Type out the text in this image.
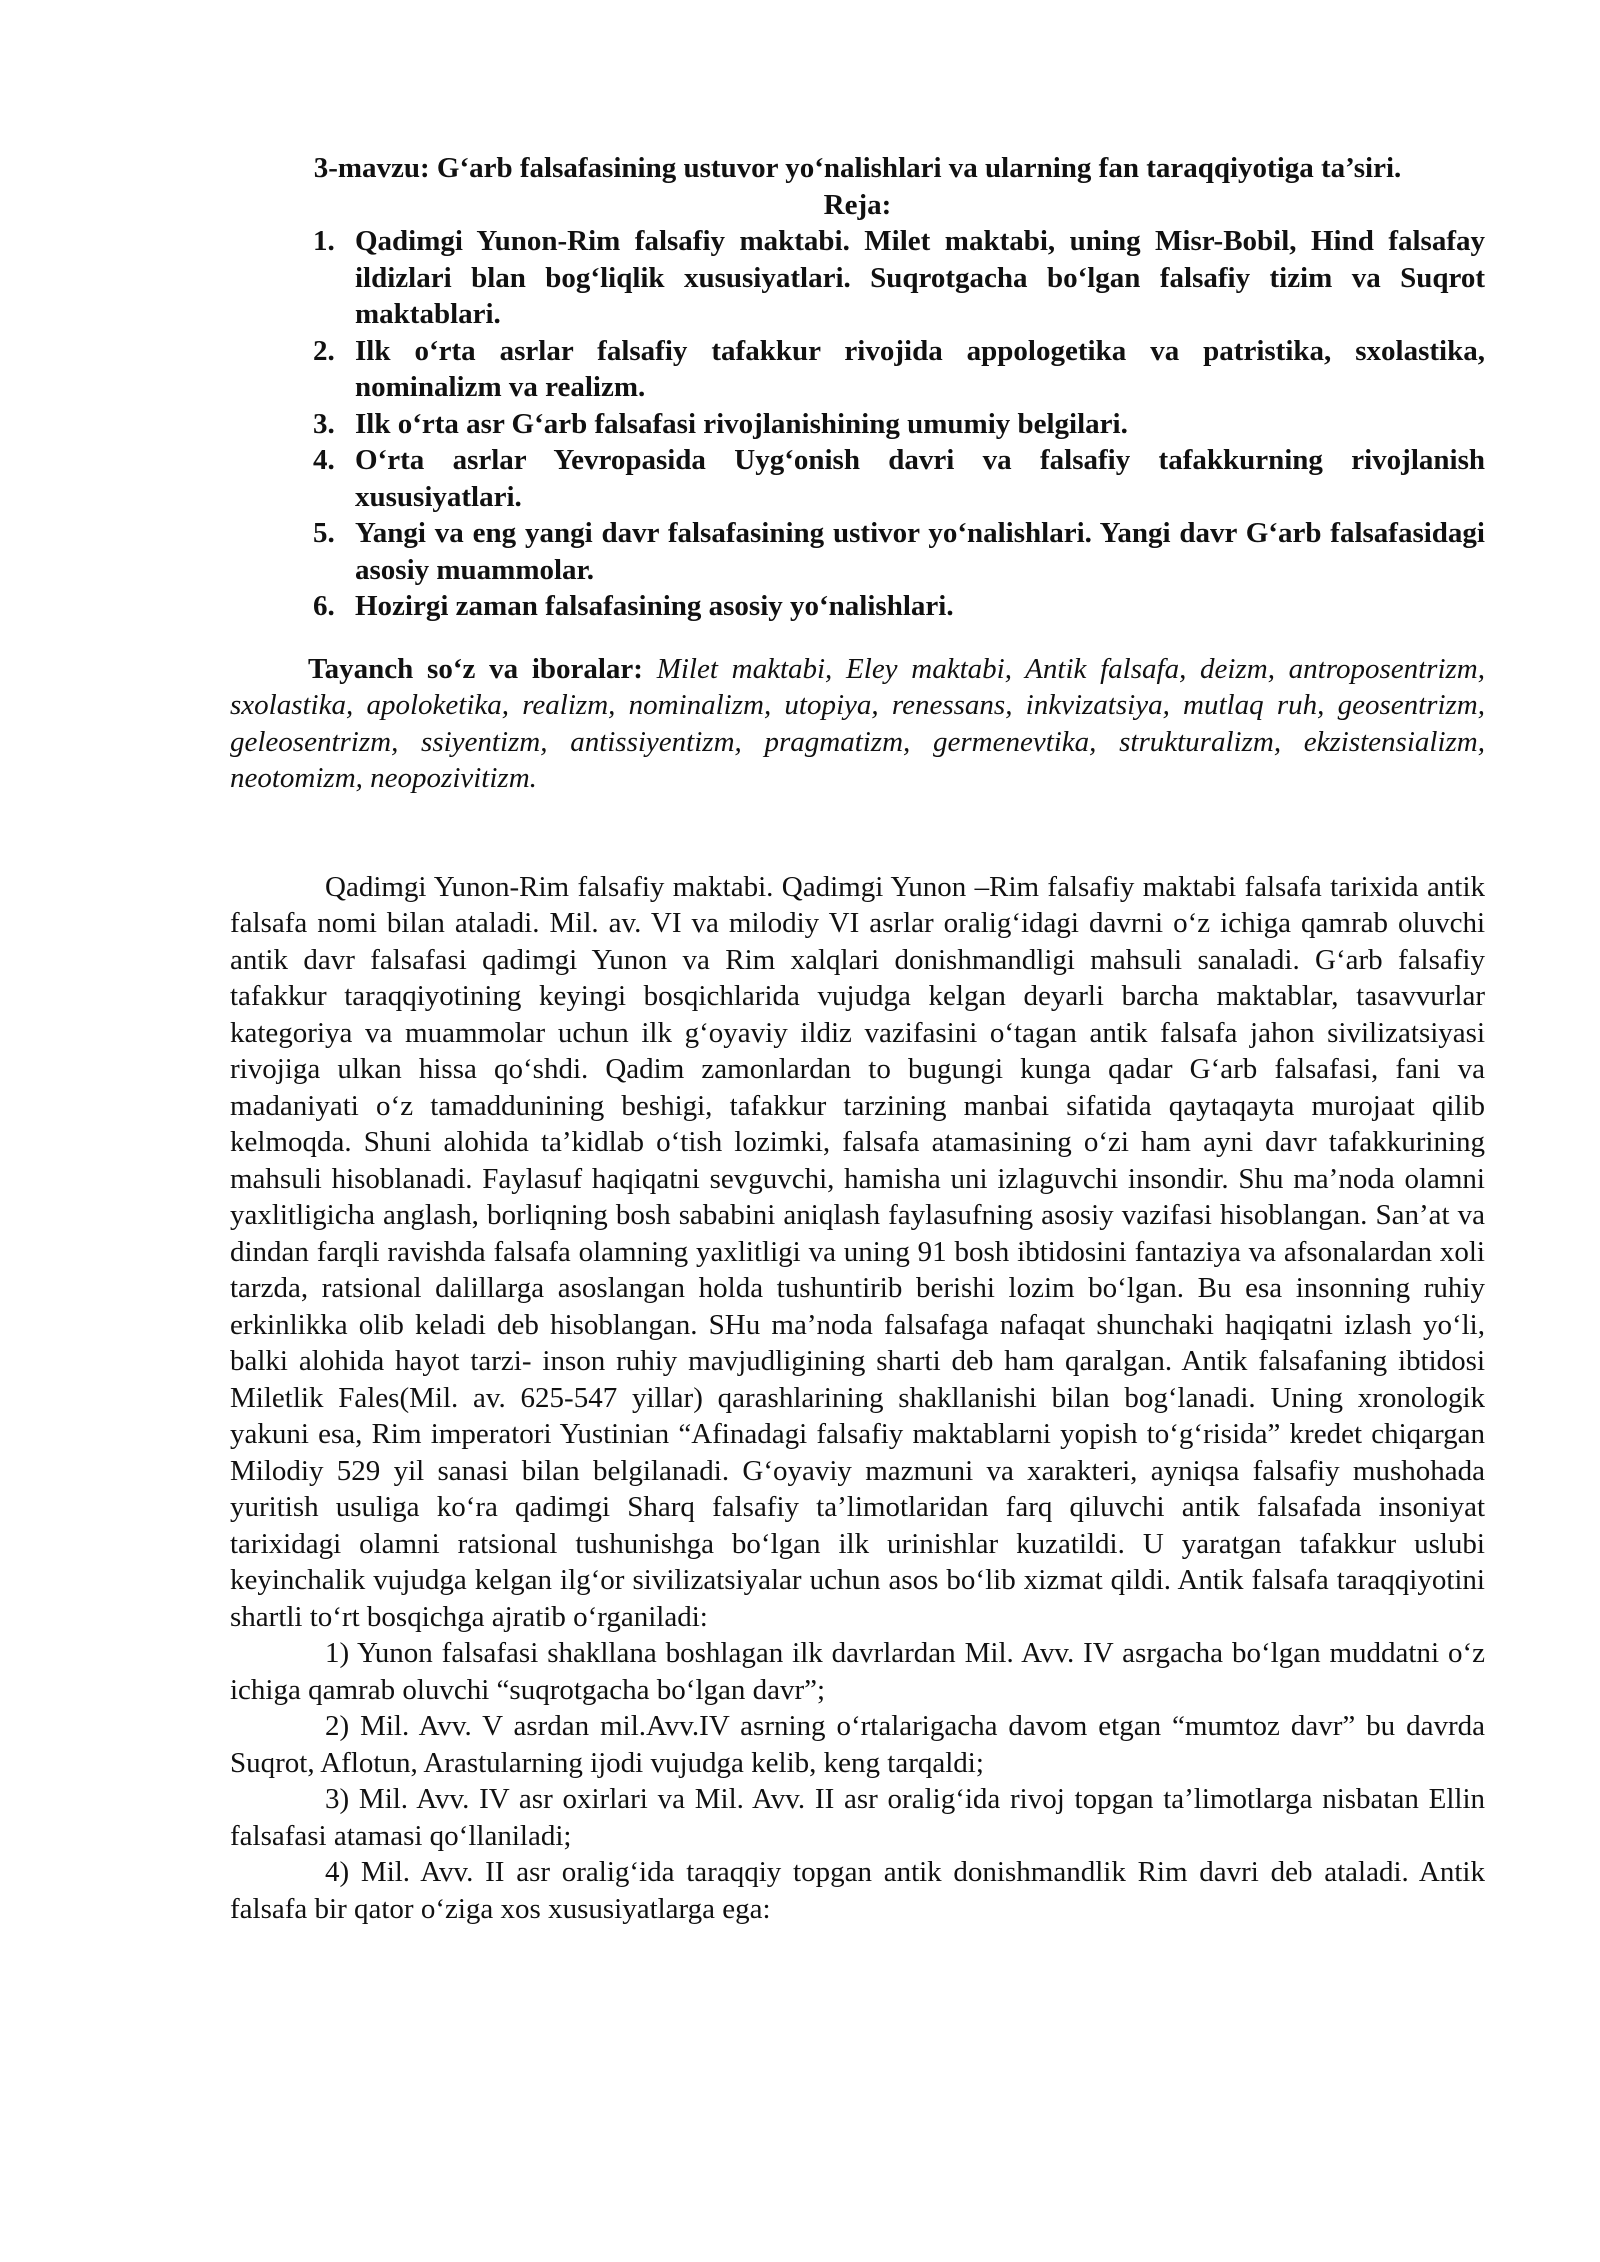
3-mavzu: G‘arb falsafasining ustuvor yo‘nalishlari va ularning fan taraqqiyotiga ta’siri.

Reja:

1. Qadimgi Yunon-Rim falsafiy maktabi. Milet maktabi, uning Misr-Bobil, Hind falsafay ildizlari blan bog‘liqlik xususiyatlari. Suqrotgacha bo‘lgan falsafiy tizim va Suqrot maktablari.
2. Ilk o‘rta asrlar falsafiy tafakkur rivojida appologetika va patristika, sxolastika, nominalizm va realizm.
3. Ilk o‘rta asr G‘arb falsafasi rivojlanishining umumiy belgilari.
4. O‘rta asrlar Yevropasida Uyg‘onish davri va falsafiy tafakkurning rivojlanish xususiyatlari.
5. Yangi va eng yangi davr falsafasining ustivor yo‘nalishlari. Yangi davr G‘arb falsafasidagi asosiy muammolar.
6. Hozirgi zaman falsafasining asosiy yo‘nalishlari.

Tayanch so‘z va iboralar: Milet maktabi, Eley maktabi, Antik falsafa, deizm, antroposentrizm, sxolastika, apoloketika, realizm, nominalizm, utopiya, renessans, inkvizatsiya, mutlaq ruh, geosentrizm, geleosentrizm, ssiyentizm, antissiyentizm, pragmatizm, germenevtika, strukturalizm, ekzistensializm, neotomizm, neopozivitizm.

Qadimgi Yunon-Rim falsafiy maktabi. Qadimgi Yunon –Rim falsafiy maktabi falsafa tarixida antik falsafa nomi bilan ataladi. Mil. av. VI va milodiy VI asrlar oralig‘idagi davrni o‘z ichiga qamrab oluvchi antik davr falsafasi qadimgi Yunon va Rim xalqlari donishmandligi mahsuli sanaladi. G‘arb falsafiy tafakkur taraqqiyotining keyingi bosqichlarida vujudga kelgan deyarli barcha maktablar, tasavvurlar kategoriya va muammolar uchun ilk g‘oyaviy ildiz vazifasini o‘tagan antik falsafa jahon sivilizatsiyasi rivojiga ulkan hissa qo‘shdi. Qadim zamonlardan to bugungi kunga qadar G‘arb falsafasi, fani va madaniyati o‘z tamaddunining beshigi, tafakkur tarzining manbai sifatida qaytaqayta murojaat qilib kelmoqda. Shuni alohida ta’kidlab o‘tish lozimki, falsafa atamasining o‘zi ham ayni davr tafakkurining mahsuli hisoblanadi. Faylasuf haqiqatni sevguvchi, hamisha uni izlaguvchi insondir. Shu ma’noda olamni yaxlitligicha anglash, borliqning bosh sababini aniqlash faylasufning asosiy vazifasi hisoblangan. San’at va dindan farqli ravishda falsafa olamning yaxlitligi va uning 91 bosh ibtidosini fantaziya va afsonalardan xoli tarzda, ratsional dalillarga asoslangan holda tushuntirib berishi lozim bo‘lgan. Bu esa insonning ruhiy erkinlikka olib keladi deb hisoblangan. SHu ma’noda falsafaga nafaqat shunchaki haqiqatni izlash yo‘li, balki alohida hayot tarzi- inson ruhiy mavjudligining sharti deb ham qaralgan. Antik falsafaning ibtidosi Miletlik Fales(Mil. av. 625-547 yillar) qarashlarining shakllanishi bilan bog‘lanadi. Uning xronologik yakuni esa, Rim imperatori Yustinian “Afinadagi falsafiy maktablarni yopish to‘g‘risida” kredet chiqargan Milodiy 529 yil sanasi bilan belgilanadi. G‘oyaviy mazmuni va xarakteri, ayniqsa falsafiy mushohada yuritish usuliga ko‘ra qadimgi Sharq falsafiy ta’limotlaridan farq qiluvchi antik falsafada insoniyat tarixidagi olamni ratsional tushunishga bo‘lgan ilk urinishlar kuzatildi. U yaratgan tafakkur uslubi keyinchalik vujudga kelgan ilg‘or sivilizatsiyalar uchun asos bo‘lib xizmat qildi. Antik falsafa taraqqiyotini shartli to‘rt bosqichga ajratib o‘rganiladi:

1) Yunon falsafasi shakllana boshlagan ilk davrlardan Mil. Avv. IV asrgacha bo‘lgan muddatni o‘z ichiga qamrab oluvchi “suqrotgacha bo‘lgan davr”;

2) Mil. Avv. V asrdan mil.Avv.IV asrning o‘rtalarigacha davom etgan “mumtoz davr” bu davrda Suqrot, Aflotun, Arastularning ijodi vujudga kelib, keng tarqaldi;

3) Mil. Avv. IV asr oxirlari va Mil. Avv. II asr oralig‘ida rivoj topgan ta’limotlarga nisbatan Ellin falsafasi atamasi qo‘llaniladi;

4) Mil. Avv. II asr oralig‘ida taraqqiy topgan antik donishmandlik Rim davri deb ataladi. Antik falsafa bir qator o‘ziga xos xususiyatlarga ega:
